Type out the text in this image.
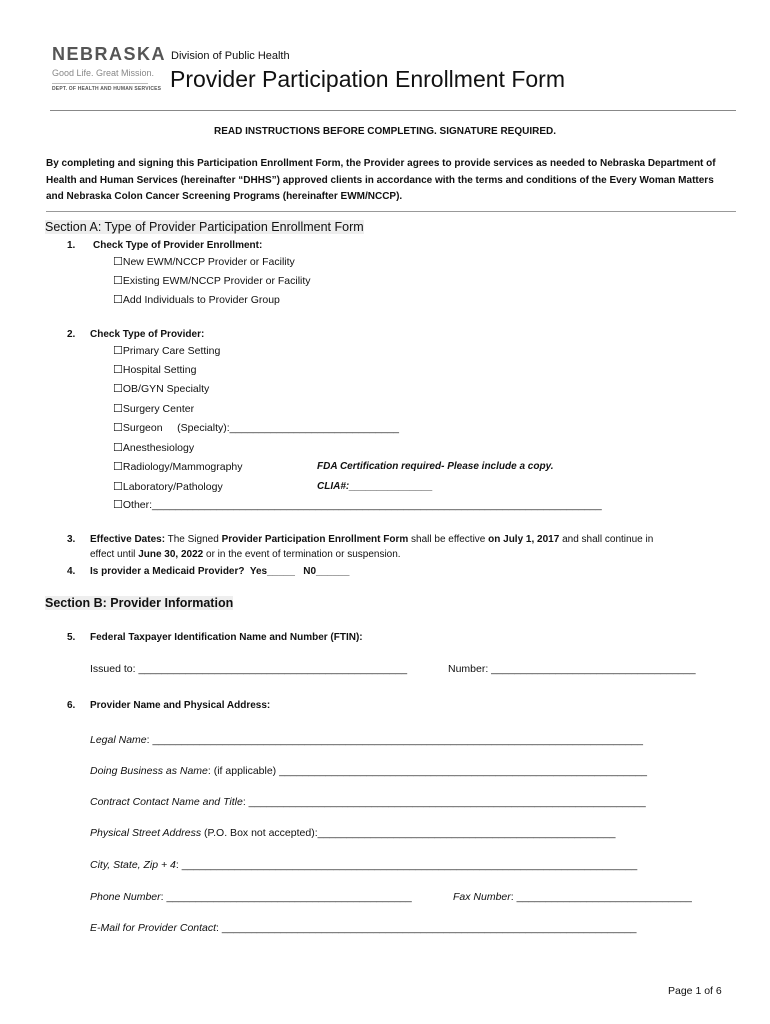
NEBRASKA
Good Life. Great Mission.
DEPT. OF HEALTH AND HUMAN SERVICES
Division of Public Health
Provider Participation Enrollment Form
READ INSTRUCTIONS BEFORE COMPLETING. SIGNATURE REQUIRED.
By completing and signing this Participation Enrollment Form, the Provider agrees to provide services as needed to Nebraska Department of Health and Human Services (hereinafter “DHHS”) approved clients in accordance with the terms and conditions of the Every Woman Matters and Nebraska Colon Cancer Screening Programs (hereinafter EWM/NCCP).
Section A: Type of Provider Participation Enrollment Form
1. Check Type of Provider Enrollment:
☐New EWM/NCCP Provider or Facility
☐Existing EWM/NCCP Provider or Facility
☐Add Individuals to Provider Group
2. Check Type of Provider:
☐Primary Care Setting
☐Hospital Setting
☐OB/GYN Specialty
☐Surgery Center
☐Surgeon     (Specialty):_____________________________
☐Anesthesiology
☐Radiology/Mammography	FDA Certification required- Please include a copy.
☐Laboratory/Pathology	CLIA#:_______________
☐Other:_____________________________________________________________________________
3. Effective Dates: The Signed Provider Participation Enrollment Form shall be effective on July 1, 2017 and shall continue in
effect until June 30, 2022 or in the event of termination or suspension.
4. Is provider a Medicaid Provider?  Yes_____   N0______
Section B: Provider Information
5. Federal Taxpayer Identification Name and Number (FTIN):
Issued to: ______________________________________________	Number: ___________________________________
6. Provider Name and Physical Address:
Legal Name: ____________________________________________________________________________________
Doing Business as Name: (if applicable) _______________________________________________________________
Contract Contact Name and Title: ____________________________________________________________________
Physical Street Address (P.O. Box not accepted):___________________________________________________
City, State, Zip + 4: ______________________________________________________________________________
Phone Number: __________________________________________	Fax Number: ______________________________
E-Mail for Provider Contact: _______________________________________________________________________
Page 1 of 6
